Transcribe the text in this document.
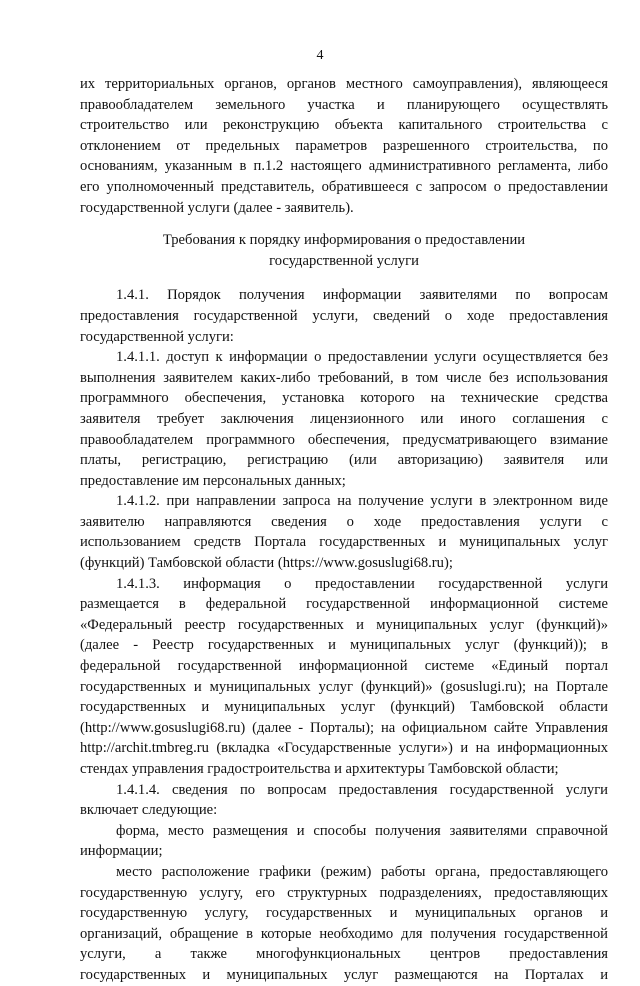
4
их территориальных органов, органов местного самоуправления), являющееся
правообладателем земельного участка и планирующего осуществлять
строительство или реконструкцию объекта капитального строительства с
отклонением от предельных параметров разрешенного строительства, по
основаниям, указанным в п.1.2 настоящего административного регламента, либо
его уполномоченный представитель, обратившееся с запросом о предоставлении
государственной услуги (далее - заявитель).
Требования к порядку информирования о предоставлении
государственной услуги
1.4.1. Порядок получения информации заявителями по вопросам
предоставления государственной услуги, сведений о ходе предоставления
государственной услуги:
1.4.1.1. доступ к информации о предоставлении услуги осуществляется без
выполнения заявителем каких-либо требований, в том числе без использования
программного обеспечения, установка которого на технические средства
заявителя требует заключения лицензионного или иного соглашения с
правообладателем программного обеспечения, предусматривающего взимание
платы, регистрацию, регистрацию (или авторизацию) заявителя или
предоставление им персональных данных;
1.4.1.2. при направлении запроса на получение услуги в электронном виде
заявителю направляются сведения о ходе предоставления услуги с
использованием средств Портала государственных и муниципальных услуг
(функций) Тамбовской области (https://www.gosuslugi68.ru);
1.4.1.3. информация о предоставлении государственной услуги
размещается в федеральной государственной информационной системе
«Федеральный реестр государственных и муниципальных услуг (функций)»
(далее - Реестр государственных и муниципальных услуг (функций)); в
федеральной государственной информационной системе «Единый портал
государственных и муниципальных услуг (функций)» (gosuslugi.ru); на Портале
государственных и муниципальных услуг (функций) Тамбовской области
(http://www.gosuslugi68.ru) (далее - Порталы); на официальном сайте Управления
http://archit.tmbreg.ru (вкладка «Государственные услуги») и на информационных
стендах управления градостроительства и архитектуры Тамбовской области;
1.4.1.4. сведения по вопросам предоставления государственной услуги
включает следующие:
форма, место размещения и способы получения заявителями справочной
информации;
место расположение графики (режим) работы органа, предоставляющего
государственную услугу, его структурных подразделениях, предоставляющих
государственную услугу, государственных и муниципальных органов и
организаций, обращение в которые необходимо для получения государственной
услуги, а также многофункциональных центров предоставления
государственных и муниципальных услуг размещаются на Порталах и
